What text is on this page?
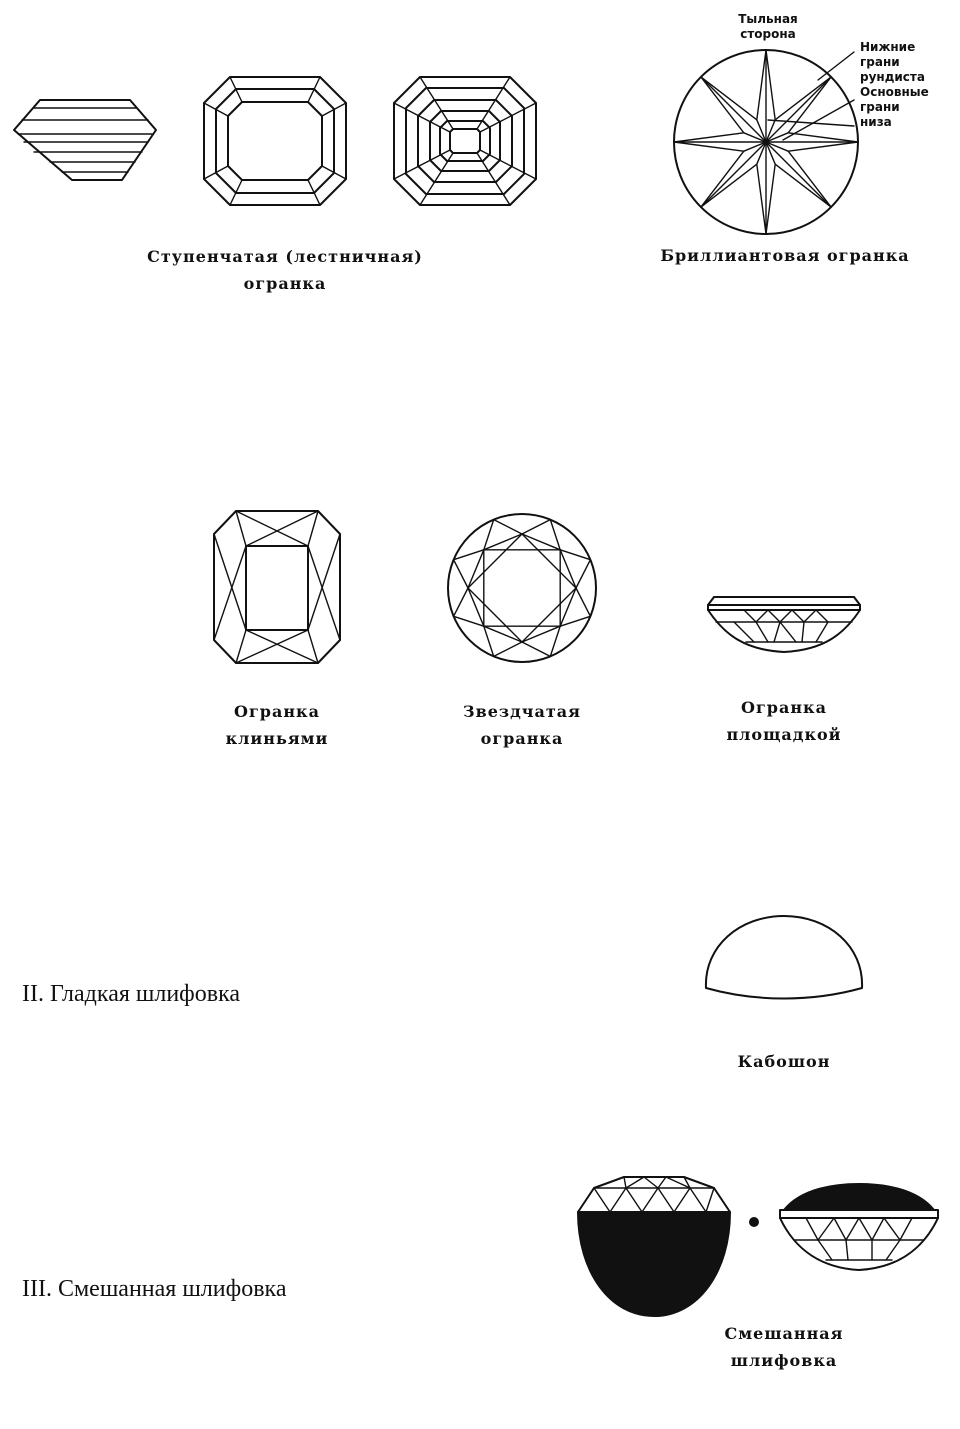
Ступенчатая (лестничная)
огранка
Тыльная
сторона
Нижние
грани
рундиста
Основные
грани
низа
Бриллиантовая огранка
Огранка
клиньями
Звездчатая
огранка
Огранка
площадкой
II. Гладкая шлифовка
Кабошон
III. Смешанная шлифовка
Смешанная
шлифовка
